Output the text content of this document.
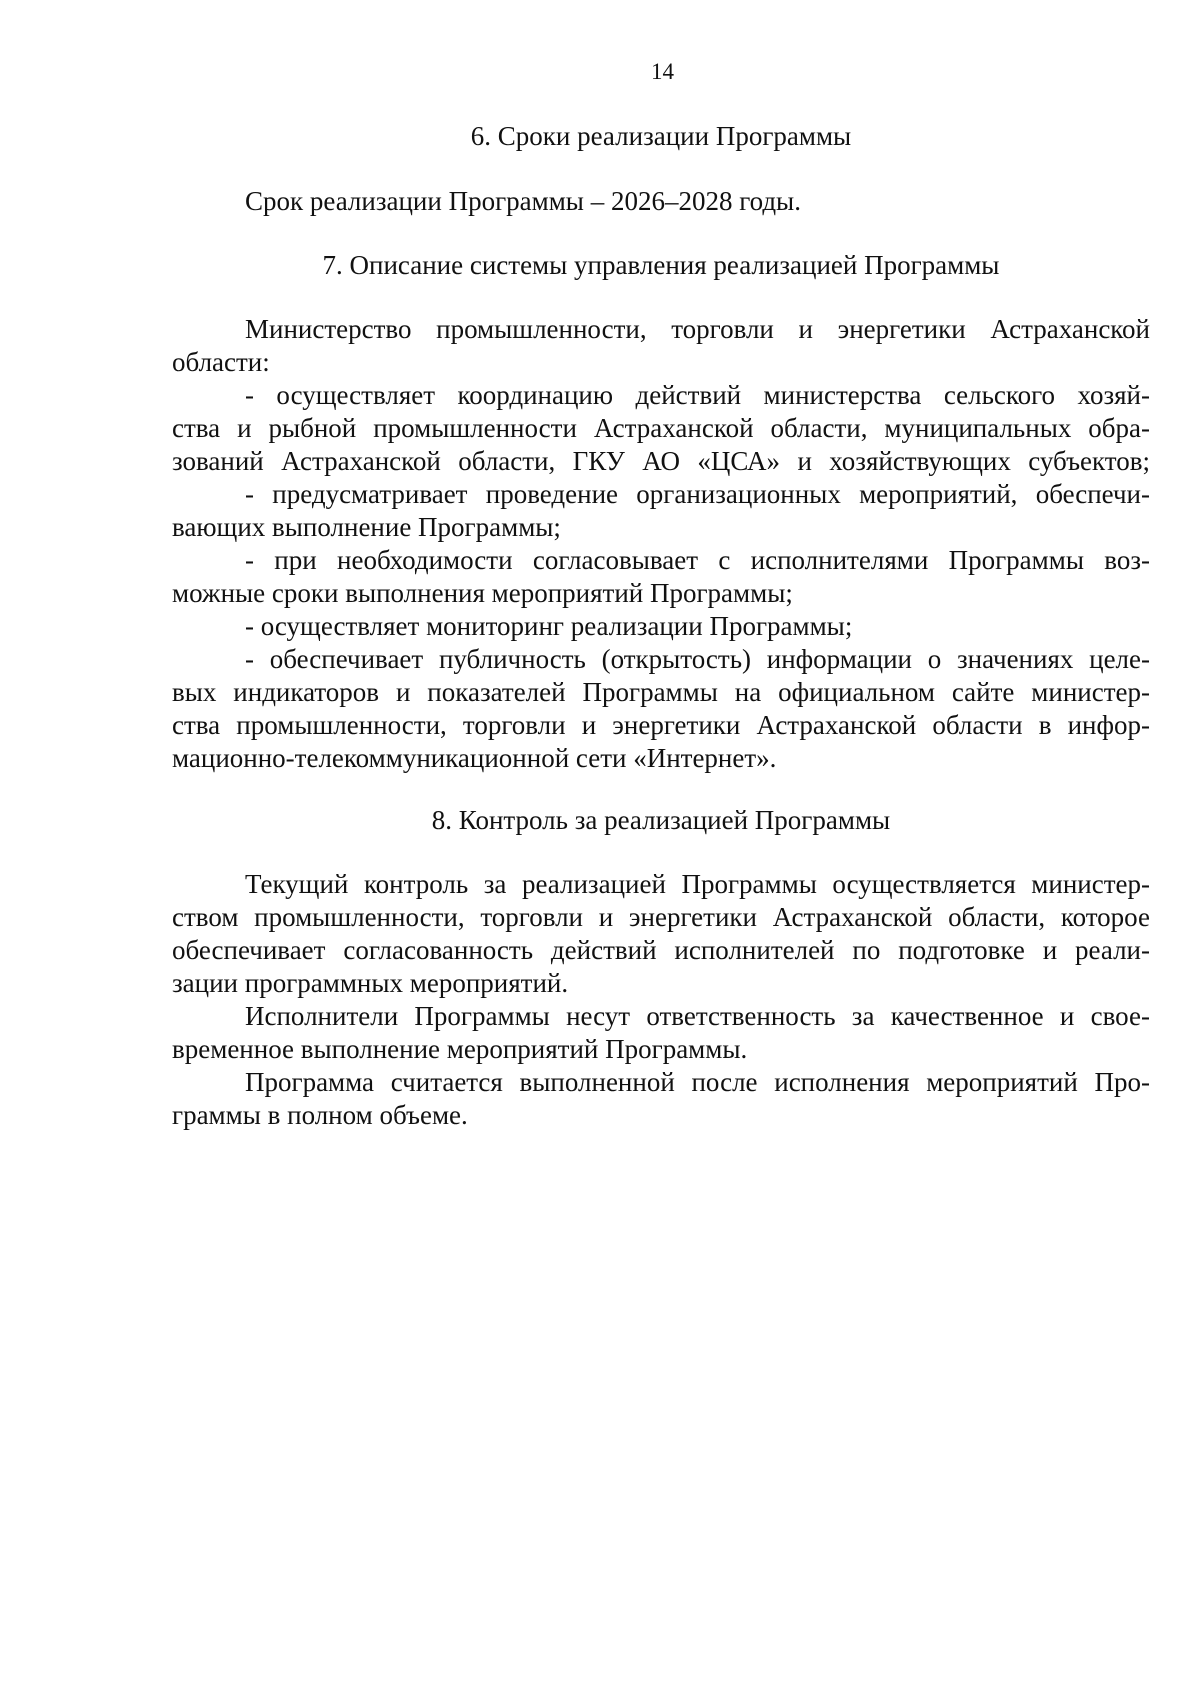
14
6. Сроки реализации Программы
Срок реализации Программы – 2026–2028 годы.
7. Описание системы управления реализацией Программы
Министерство промышленности, торговли и энергетики Астраханской
области:
- осуществляет координацию действий министерства сельского хозяй-
ства и рыбной промышленности Астраханской области, муниципальных обра-
зований Астраханской области, ГКУ АО «ЦСА» и хозяйствующих субъектов;
- предусматривает проведение организационных мероприятий, обеспечи-
вающих выполнение Программы;
- при необходимости согласовывает с исполнителями Программы воз-
можные сроки выполнения мероприятий Программы;
- осуществляет мониторинг реализации Программы;
- обеспечивает публичность (открытость) информации о значениях целе-
вых индикаторов и показателей Программы на официальном сайте министер-
ства промышленности, торговли и энергетики Астраханской области в инфор-
мационно-телекоммуникационной сети «Интернет».
8. Контроль за реализацией Программы
Текущий контроль за реализацией Программы осуществляется министер-
ством промышленности, торговли и энергетики Астраханской области, которое
обеспечивает согласованность действий исполнителей по подготовке и реали-
зации программных мероприятий.
Исполнители Программы несут ответственность за качественное и свое-
временное выполнение мероприятий Программы.
Программа считается выполненной после исполнения мероприятий Про-
граммы в полном объеме.
